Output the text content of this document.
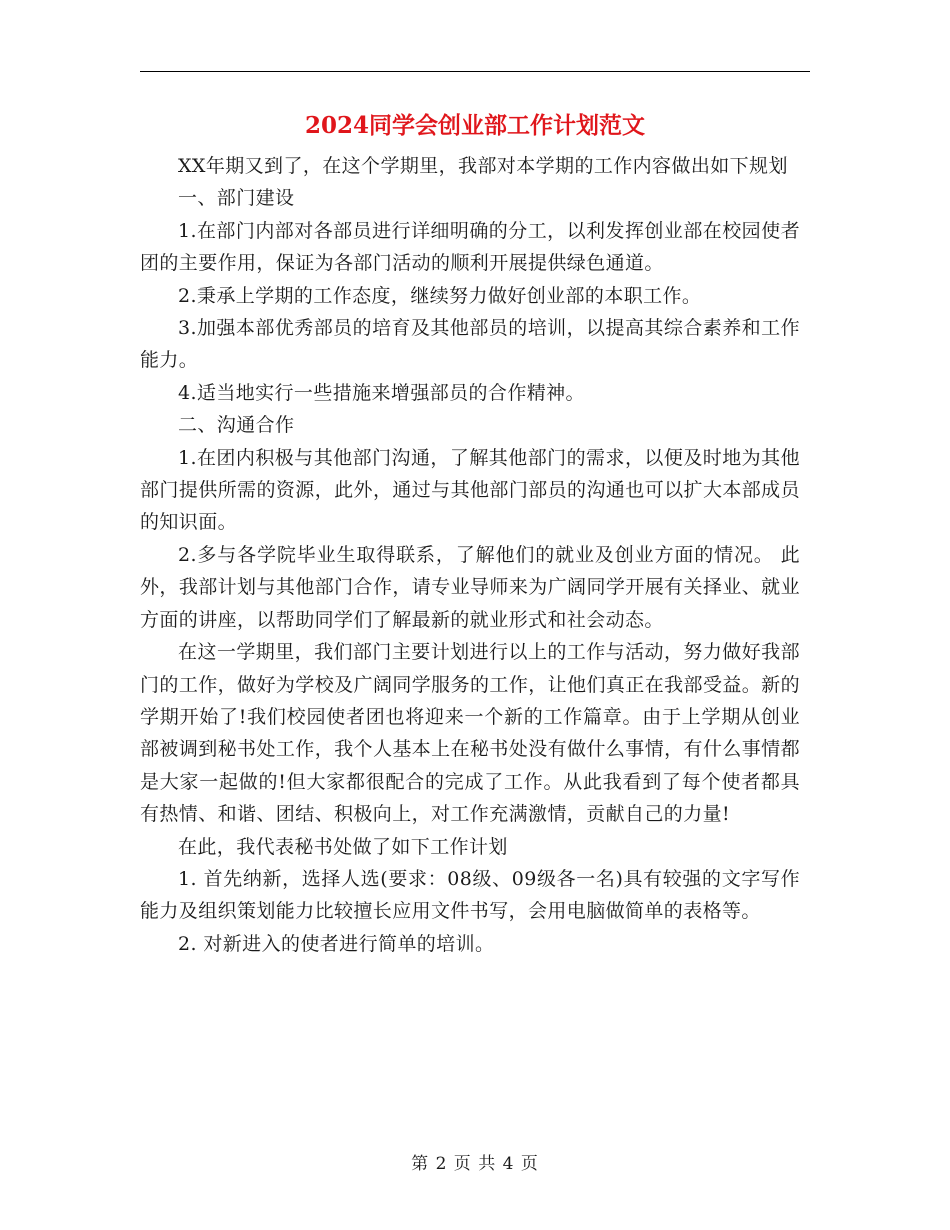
2024同学会创业部工作计划范文

XX年期又到了，在这个学期里，我部对本学期的工作内容做出如下规划

一、部门建设

1.在部门内部对各部员进行详细明确的分工，以利发挥创业部在校园使者团的主要作用，保证为各部门活动的顺利开展提供绿色通道。

2.秉承上学期的工作态度，继续努力做好创业部的本职工作。

3.加强本部优秀部员的培育及其他部员的培训，以提高其综合素养和工作能力。

4.适当地实行一些措施来增强部员的合作精神。

二、沟通合作

1.在团内积极与其他部门沟通，了解其他部门的需求，以便及时地为其他部门提供所需的资源，此外，通过与其他部门部员的沟通也可以扩大本部成员的知识面。

2.多与各学院毕业生取得联系，了解他们的就业及创业方面的情况。 此外，我部计划与其他部门合作，请专业导师来为广阔同学开展有关择业、就业方面的讲座，以帮助同学们了解最新的就业形式和社会动态。

在这一学期里，我们部门主要计划进行以上的工作与活动，努力做好我部门的工作，做好为学校及广阔同学服务的工作，让他们真正在我部受益。新的学期开始了!我们校园使者团也将迎来一个新的工作篇章。由于上学期从创业部被调到秘书处工作，我个人基本上在秘书处没有做什么事情，有什么事情都是大家一起做的!但大家都很配合的完成了工作。从此我看到了每个使者都具有热情、和谐、团结、积极向上，对工作充满激情，贡献自己的力量!

在此，我代表秘书处做了如下工作计划

1. 首先纳新，选择人选(要求：08级、09级各一名)具有较强的文字写作能力及组织策划能力比较擅长应用文件书写，会用电脑做简单的表格等。

2. 对新进入的使者进行简单的培训。

第 2 页 共 4 页
